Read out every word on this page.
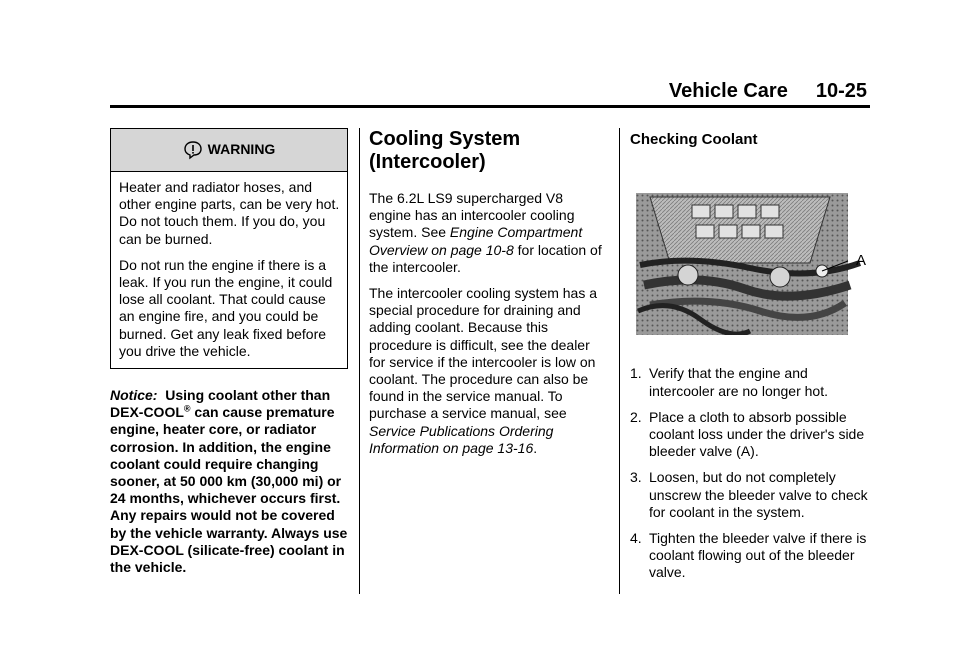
Vehicle Care 10-25
WARNING

Heater and radiator hoses, and other engine parts, can be very hot. Do not touch them. If you do, you can be burned.

Do not run the engine if there is a leak. If you run the engine, it could lose all coolant. That could cause an engine fire, and you could be burned. Get any leak fixed before you drive the vehicle.

Notice: Using coolant other than DEX-COOL® can cause premature engine, heater core, or radiator corrosion. In addition, the engine coolant could require changing sooner, at 50 000 km (30,000 mi) or 24 months, whichever occurs first. Any repairs would not be covered by the vehicle warranty. Always use DEX-COOL (silicate-free) coolant in the vehicle.
Cooling System (Intercooler)

The 6.2L LS9 supercharged V8 engine has an intercooler cooling system. See Engine Compartment Overview on page 10-8 for location of the intercooler.

The intercooler cooling system has a special procedure for draining and adding coolant. Because this procedure is difficult, see the dealer for service if the intercooler is low on coolant. The procedure can also be found in the service manual. To purchase a service manual, see Service Publications Ordering Information on page 13-16.

Checking Coolant
A
1. Verify that the engine and intercooler are no longer hot.
2. Place a cloth to absorb possible coolant loss under the driver's side bleeder valve (A).
3. Loosen, but do not completely unscrew the bleeder valve to check for coolant in the system.
4. Tighten the bleeder valve if there is coolant flowing out of the bleeder valve.
